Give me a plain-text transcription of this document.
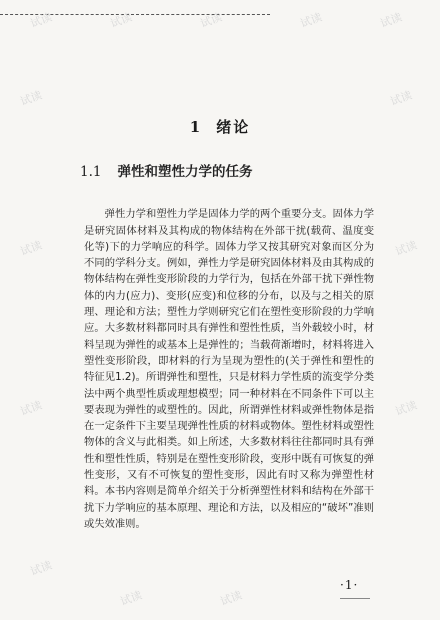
试读	试读	试读	试读	试读
试读	试读
试读	试读
试读	试读
试读
试读	试读
1 绪论
1.1 弹性和塑性力学的任务

弹性力学和塑性力学是固体力学的两个重要分支。固体力学是研究固体材料及其构成的物体结构在外部干扰(载荷、温度变化等)下的力学响应的科学。固体力学又按其研究对象而区分为不同的学科分支。例如，弹性力学是研究固体材料及由其构成的物体结构在弹性变形阶段的力学行为，包括在外部干扰下弹性物体的内力(应力)、变形(应变)和位移的分布，以及与之相关的原理、理论和方法；塑性力学则研究它们在塑性变形阶段的力学响应。大多数材料都同时具有弹性和塑性性质，当外载较小时，材料呈现为弹性的或基本上是弹性的；当载荷渐增时，材料将进入塑性变形阶段，即材料的行为呈现为塑性的(关于弹性和塑性的特征见1.2)。所谓弹性和塑性，只是材料力学性质的流变学分类法中两个典型性质或理想模型；同一种材料在不同条件下可以主要表现为弹性的或塑性的。因此，所谓弹性材料或弹性物体是指在一定条件下主要呈现弹性性质的材料或物体。塑性材料或塑性物体的含义与此相类。如上所述，大多数材料往往都同时具有弹性和塑性性质，特别是在塑性变形阶段，变形中既有可恢复的弹性变形，又有不可恢复的塑性变形，因此有时又称为弹塑性材料。本书内容则是简单介绍关于分析弹塑性材料和结构在外部干扰下力学响应的基本原理、理论和方法，以及相应的“破坏”准则或失效准则。

·1·
